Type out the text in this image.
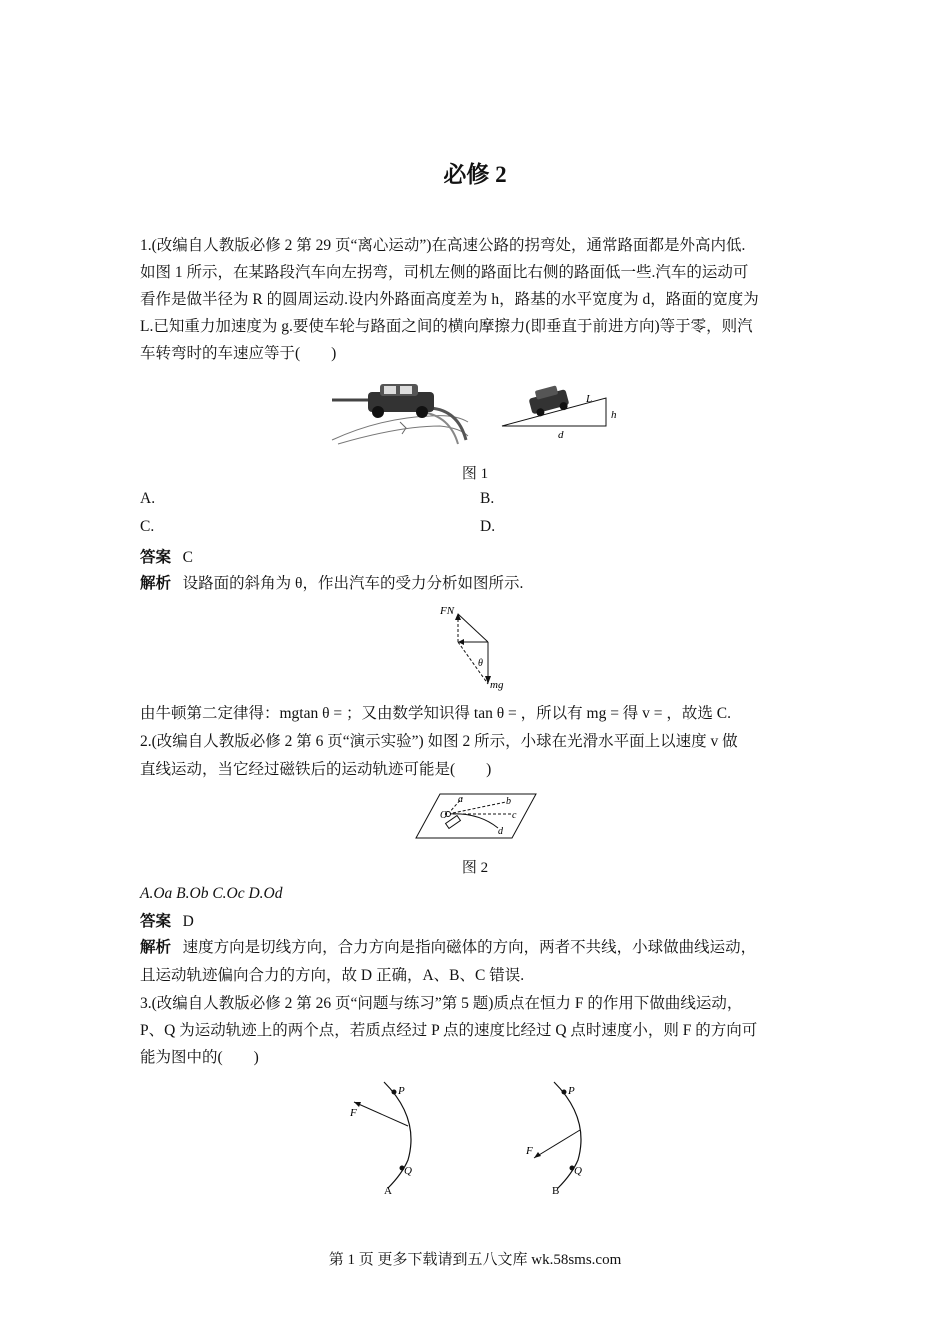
必修 2
1.(改编自人教版必修 2 第 29 页“离心运动”)在高速公路的拐弯处，通常路面都是外高内低.
如图 1 所示，在某路段汽车向左拐弯，司机左侧的路面比右侧的路面低一些.汽车的运动可
看作是做半径为 R 的圆周运动.设内外路面高度差为 h，路基的水平宽度为 d，路面的宽度为
L.已知重力加速度为 g.要使车轮与路面之间的横向摩擦力(即垂直于前进方向)等于零，则汽
车转弯时的车速应等于(　　)
L
h
d
图 1
A.	B.
C.	D.
答案 C
解析 设路面的斜角为 θ，作出汽车的受力分析如图所示.
FN
θ
mg
由牛顿第二定律得：mgtan θ = ；又由数学知识得 tan θ = ，所以有 mg = 得 v = ，故选 C.
2.(改编自人教版必修 2 第 6 页“演示实验”) 如图 2 所示，小球在光滑水平面上以速度 v 做
直线运动，当它经过磁铁后的运动轨迹可能是(　　)
a	b
c
d
O
图 2
A.Oa B.Ob C.Oc D.Od
答案 D
解析 速度方向是切线方向，合力方向是指向磁体的方向，两者不共线，小球做曲线运动，
且运动轨迹偏向合力的方向，故 D 正确，A、B、C 错误.
3.(改编自人教版必修 2 第 26 页“问题与练习”第 5 题)质点在恒力 F 的作用下做曲线运动，
P、Q 为运动轨迹上的两个点，若质点经过 P 点的速度比经过 Q 点时速度小，则 F 的方向可
能为图中的(　　)
P
Q
F
A
P
Q
F
B
第 1 页 更多下载请到五八文库 wk.58sms.com
